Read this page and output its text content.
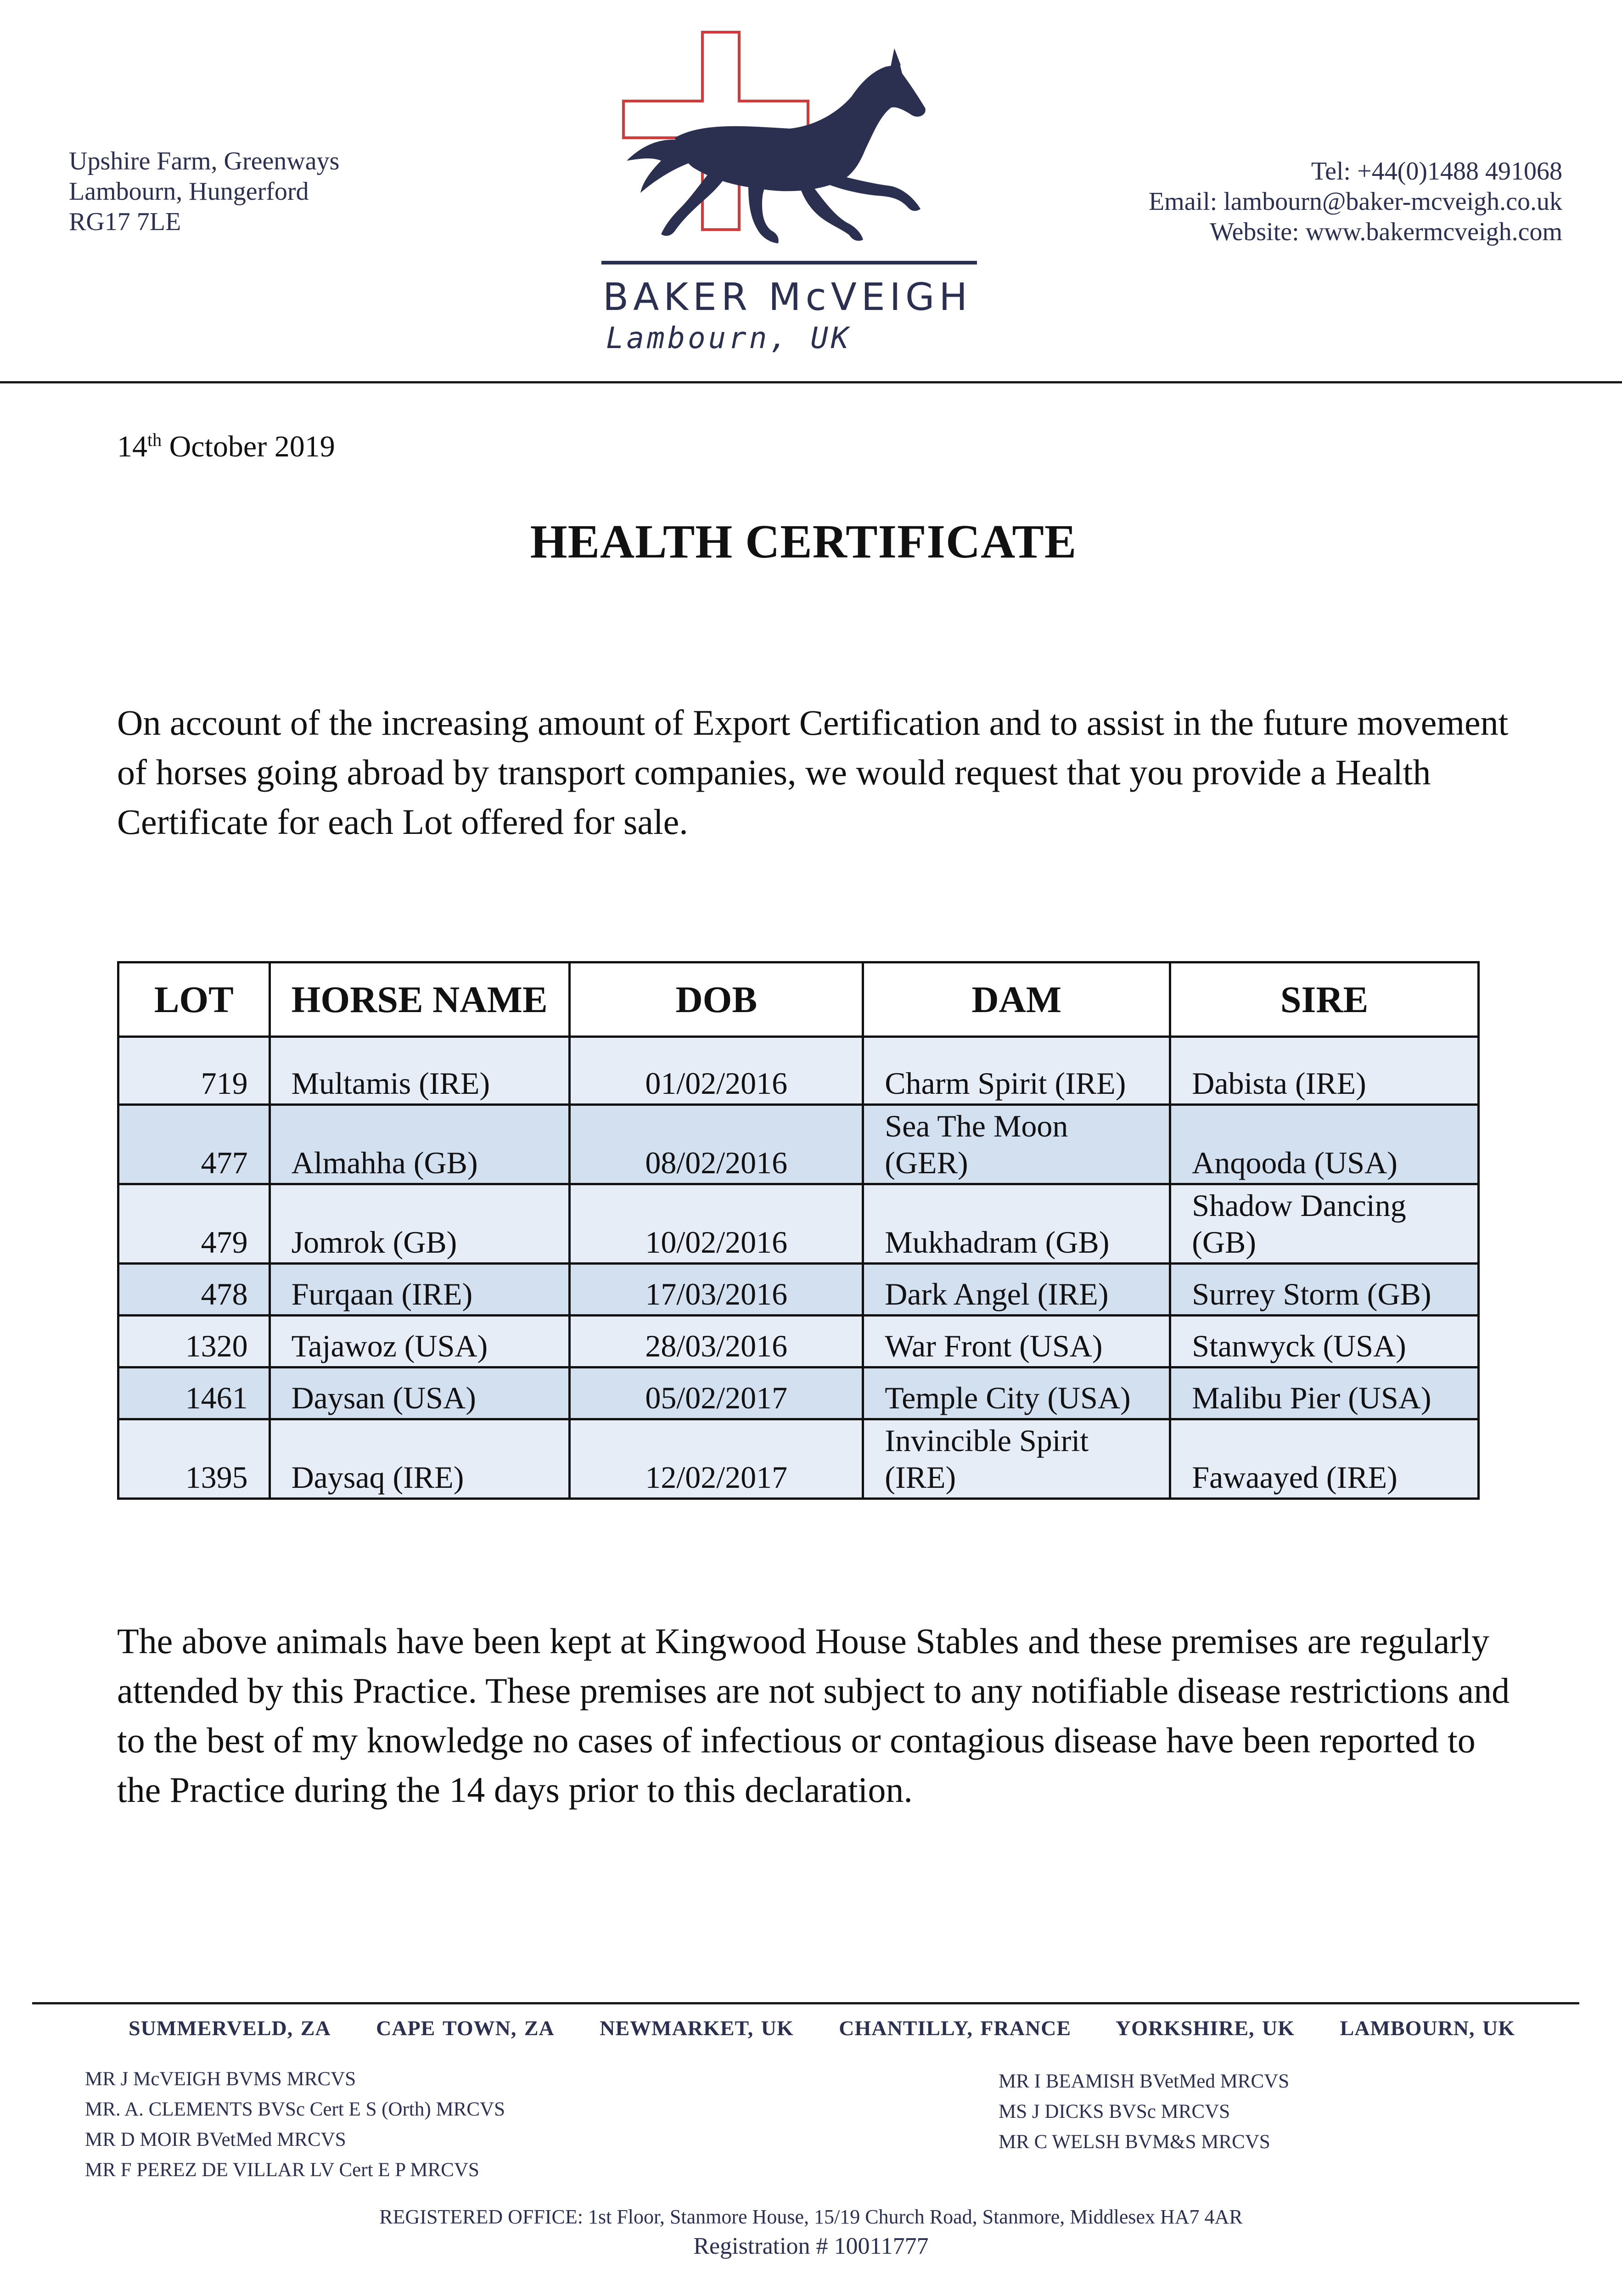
Upshire Farm, Greenways
Lambourn, Hungerford
RG17 7LE
BAKER McVEIGH
Lambourn, UK
Tel: +44(0)1488 491068
Email: lambourn@baker-mcveigh.co.uk
Website: www.bakermcveigh.com
14th October 2019
HEALTH CERTIFICATE
On account of the increasing amount of Export Certification and to assist in the future movement of horses going abroad by transport companies, we would request that you provide a Health Certificate for each Lot offered for sale.
LOT	HORSE NAME	DOB	DAM	SIRE
719	Multamis (IRE)	01/02/2016	Charm Spirit (IRE)	Dabista (IRE)
477	Almahha (GB)	08/02/2016	Sea The Moon (GER)	Anqooda (USA)
479	Jomrok (GB)	10/02/2016	Mukhadram (GB)	Shadow Dancing (GB)
478	Furqaan (IRE)	17/03/2016	Dark Angel (IRE)	Surrey Storm (GB)
1320	Tajawoz (USA)	28/03/2016	War Front (USA)	Stanwyck (USA)
1461	Daysan (USA)	05/02/2017	Temple City (USA)	Malibu Pier (USA)
1395	Daysaq (IRE)	12/02/2017	Invincible Spirit (IRE)	Fawaayed (IRE)
The above animals have been kept at Kingwood House Stables and these premises are regularly attended by this Practice. These premises are not subject to any notifiable disease restrictions and to the best of my knowledge no cases of infectious or contagious disease have been reported to the Practice during the 14 days prior to this declaration.
SUMMERVELD, ZA CAPE TOWN, ZA NEWMARKET, UK CHANTILLY, FRANCE YORKSHIRE, UK LAMBOURN, UK
MR J McVEIGH BVMS MRCVS
MR. A. CLEMENTS BVSc Cert E S (Orth) MRCVS
MR D MOIR BVetMed MRCVS
MR F PEREZ DE VILLAR LV Cert E P MRCVS
MR I BEAMISH BVetMed MRCVS
MS J DICKS BVSc MRCVS
MR C WELSH BVM&S MRCVS
REGISTERED OFFICE: 1st Floor, Stanmore House, 15/19 Church Road, Stanmore, Middlesex HA7 4AR
Registration # 10011777
